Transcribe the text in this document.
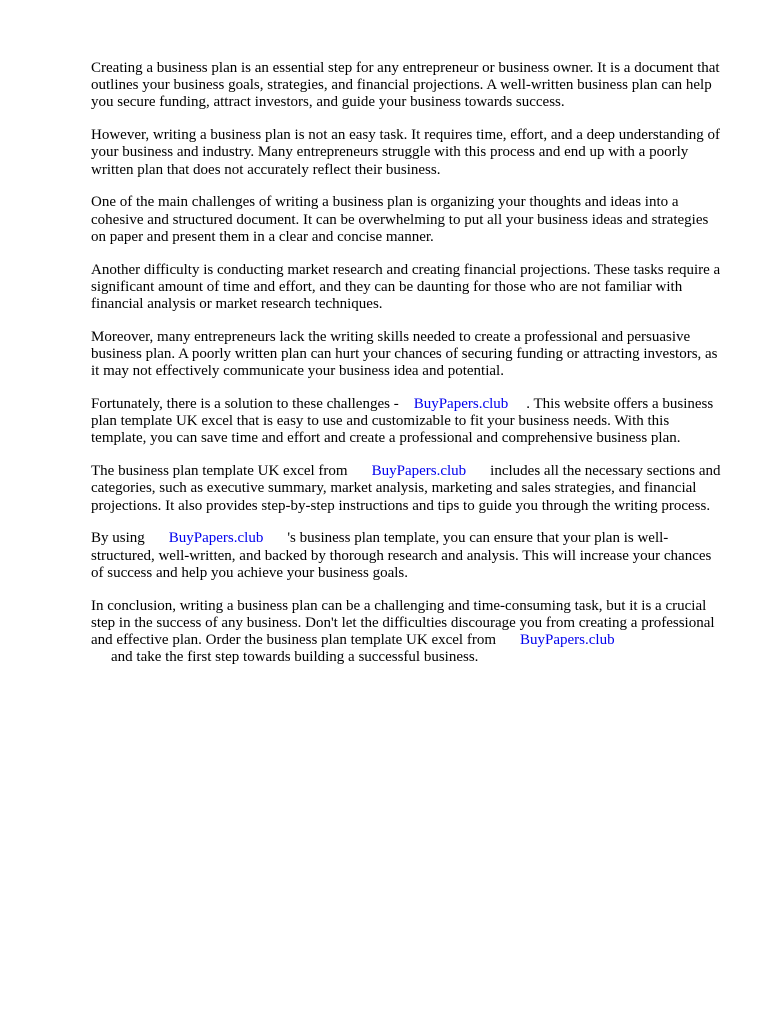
Creating a business plan is an essential step for any entrepreneur or business owner. It is a document that outlines your business goals, strategies, and financial projections. A well-written business plan can help you secure funding, attract investors, and guide your business towards success.

However, writing a business plan is not an easy task. It requires time, effort, and a deep understanding of your business and industry. Many entrepreneurs struggle with this process and end up with a poorly written plan that does not accurately reflect their business.

One of the main challenges of writing a business plan is organizing your thoughts and ideas into a cohesive and structured document. It can be overwhelming to put all your business ideas and strategies on paper and present them in a clear and concise manner.

Another difficulty is conducting market research and creating financial projections. These tasks require a significant amount of time and effort, and they can be daunting for those who are not familiar with financial analysis or market research techniques.

Moreover, many entrepreneurs lack the writing skills needed to create a professional and persuasive business plan. A poorly written plan can hurt your chances of securing funding or attracting investors, as it may not effectively communicate your business idea and potential.

Fortunately, there is a solution to these challenges - BuyPapers.club . This website offers a business plan template UK excel that is easy to use and customizable to fit your business needs. With this template, you can save time and effort and create a professional and comprehensive business plan.

The business plan template UK excel from BuyPapers.club includes all the necessary sections and categories, such as executive summary, market analysis, marketing and sales strategies, and financial projections. It also provides step-by-step instructions and tips to guide you through the writing process.

By using BuyPapers.club 's business plan template, you can ensure that your plan is well-structured, well-written, and backed by thorough research and analysis. This will increase your chances of success and help you achieve your business goals.

In conclusion, writing a business plan can be a challenging and time-consuming task, but it is a crucial step in the success of any business. Don't let the difficulties discourage you from creating a professional and effective plan. Order the business plan template UK excel from BuyPapers.club
and take the first step towards building a successful business.
